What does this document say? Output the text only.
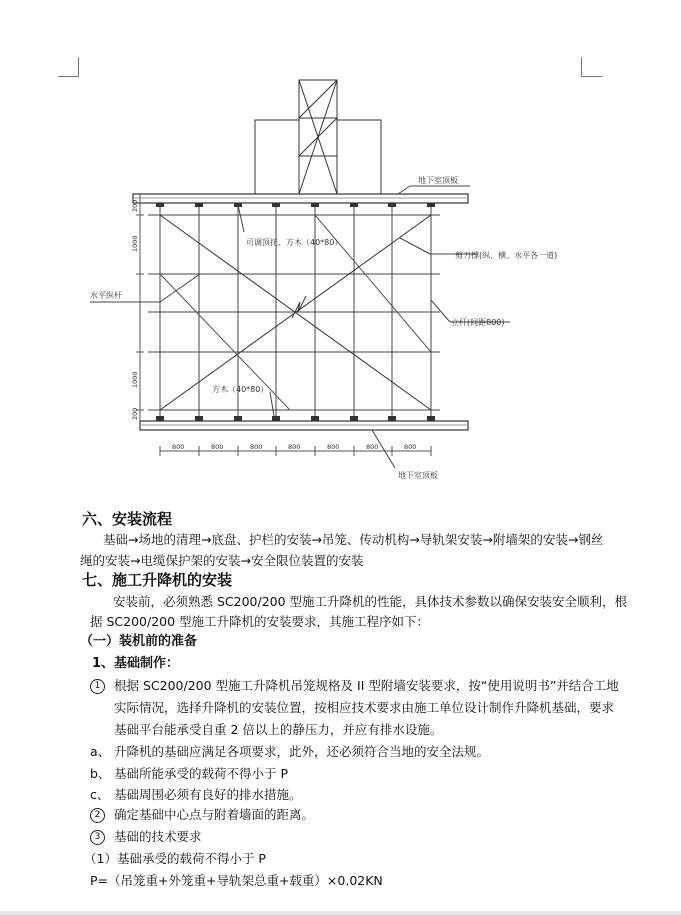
地下室顶板
可调顶托、方木（40*80）
剪刀撑(纵、横、水平各一道)
水平纵杆
立杆(间距800)
方木（40*80）
地下室顶板
200
1000
1000
200
800	800	800	800	800	800	800
六、安装流程
基础→场地的清理→底盘、护栏的安装→吊笼、传动机构→导轨架安装→附墙架的安装→钢丝
绳的安装→电缆保护架的安装→安全限位装置的安装
七、施工升降机的安装
安装前，必须熟悉 SC200/200 型施工升降机的性能，具体技术参数以确保安装安全顺利，根
据 SC200/200 型施工升降机的安装要求，其施工程序如下：
（一）装机前的准备
1、基础制作：
1	根据 SC200/200 型施工升降机吊笼规格及 II 型附墙安装要求，按“使用说明书”并结合工地
实际情况，选择升降机的安装位置，按相应技术要求由施工单位设计制作升降机基础，要求
基础平台能承受自重 2 倍以上的静压力，并应有排水设施。
a、 升降机的基础应满足各项要求，此外，还必须符合当地的安全法规。
b、 基础所能承受的载荷不得小于 P
c、 基础周围必须有良好的排水措施。
2	确定基础中心点与附着墙面的距离。
3	基础的技术要求
（1）基础承受的载荷不得小于 P
P=（吊笼重+外笼重+导轨架总重+载重）×0.02KN
